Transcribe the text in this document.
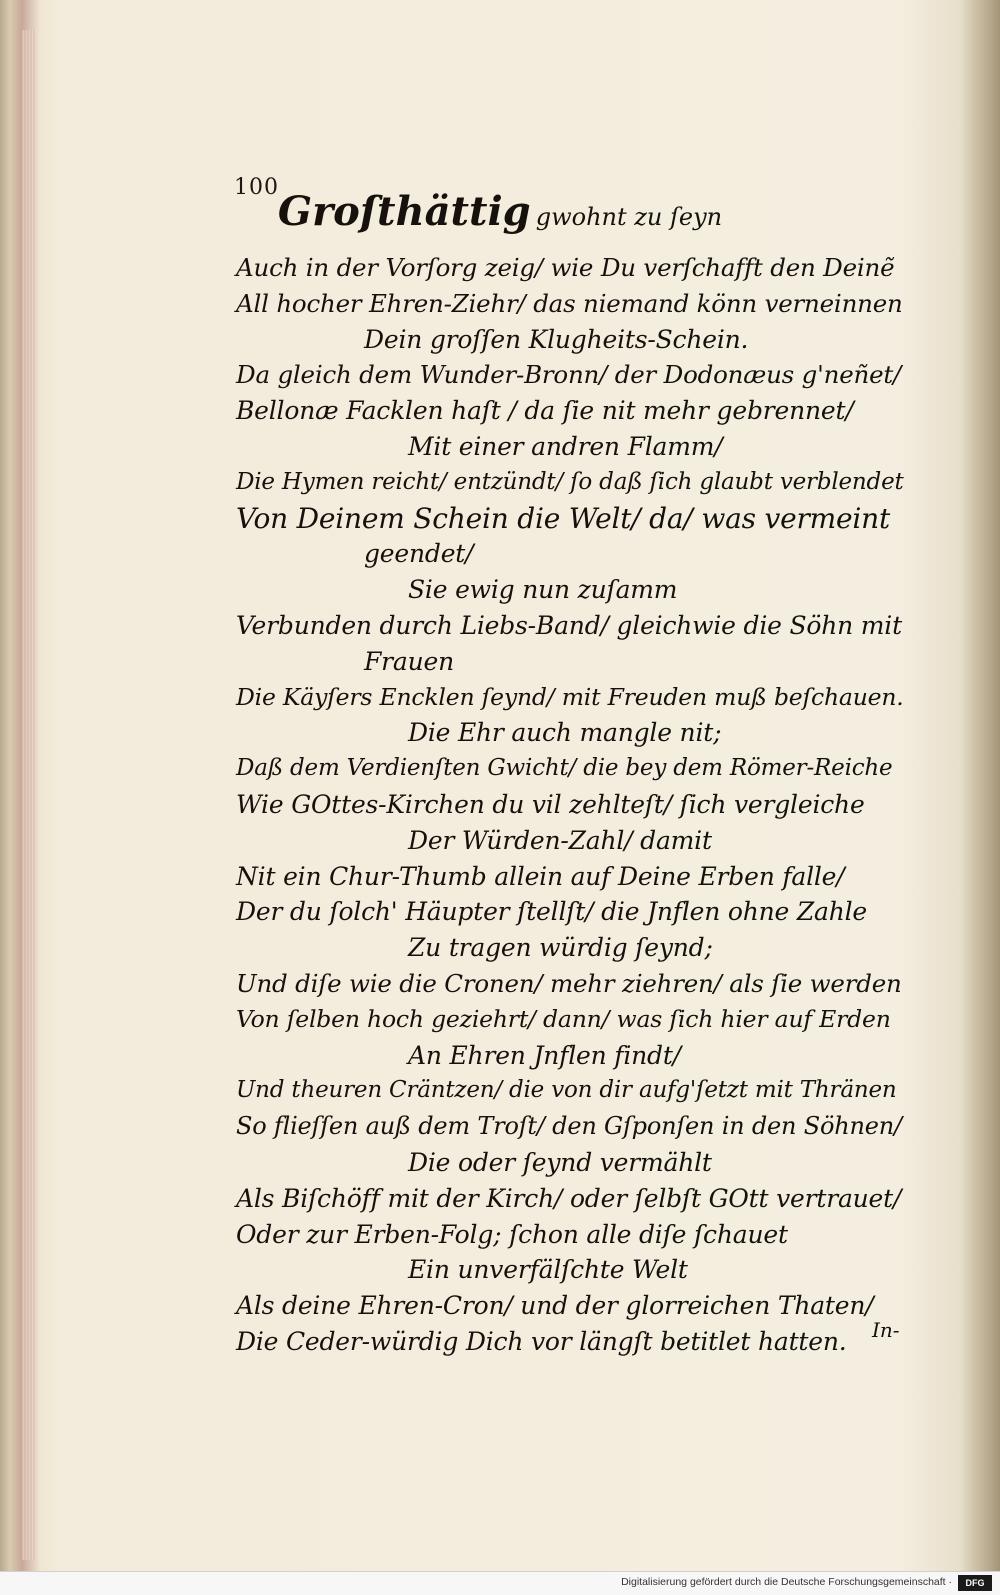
100
Groſthättig gwohnt zu ſeyn
Auch in der Vorſorg zeig/ wie Du verſchafft den Deinẽ
All hocher Ehren-Ziehr/ das niemand könn verneinnen
Dein groſſen Klugheits-Schein.
Da gleich dem Wunder-Bronn/ der Dodonæus g'neñet/
Bellonæ Facklen haſt / da ſie nit mehr gebrennet/
Mit einer andren Flamm/
Die Hymen reicht/ entzündt/ ſo daß ſich glaubt verblendet
Von Deinem Schein die Welt/ da/ was vermeint
geendet/
Sie ewig nun zuſamm
Verbunden durch Liebs-Band/ gleichwie die Söhn mit
Frauen
Die Käyſers Encklen ſeynd/ mit Freuden muß beſchauen.
Die Ehr auch mangle nit;
Daß dem Verdienſten Gwicht/ die bey dem Römer-Reiche
Wie GOttes-Kirchen du vil zehlteſt/ ſich vergleiche
Der Würden-Zahl/ damit
Nit ein Chur-Thumb allein auf Deine Erben falle/
Der du ſolch' Häupter ſtellſt/ die Jnflen ohne Zahle
Zu tragen würdig ſeynd;
Und diſe wie die Cronen/ mehr ziehren/ als ſie werden
Von ſelben hoch geziehrt/ dann/ was ſich hier auf Erden
An Ehren Jnflen findt/
Und theuren Cräntzen/ die von dir aufg'ſetzt mit Thränen
So flieſſen auß dem Troſt/ den Gſponſen in den Söhnen/
Die oder ſeynd vermählt
Als Biſchöff mit der Kirch/ oder ſelbſt GOtt vertrauet/
Oder zur Erben-Folg; ſchon alle diſe ſchauet
Ein unverfälſchte Welt
Als deine Ehren-Cron/ und der glorreichen Thaten/
Die Ceder-würdig Dich vor längſt betitlet hatten.	In-
Digitalisierung gefördert durch die Deutsche Forschungsgemeinschaft ·	DFG
